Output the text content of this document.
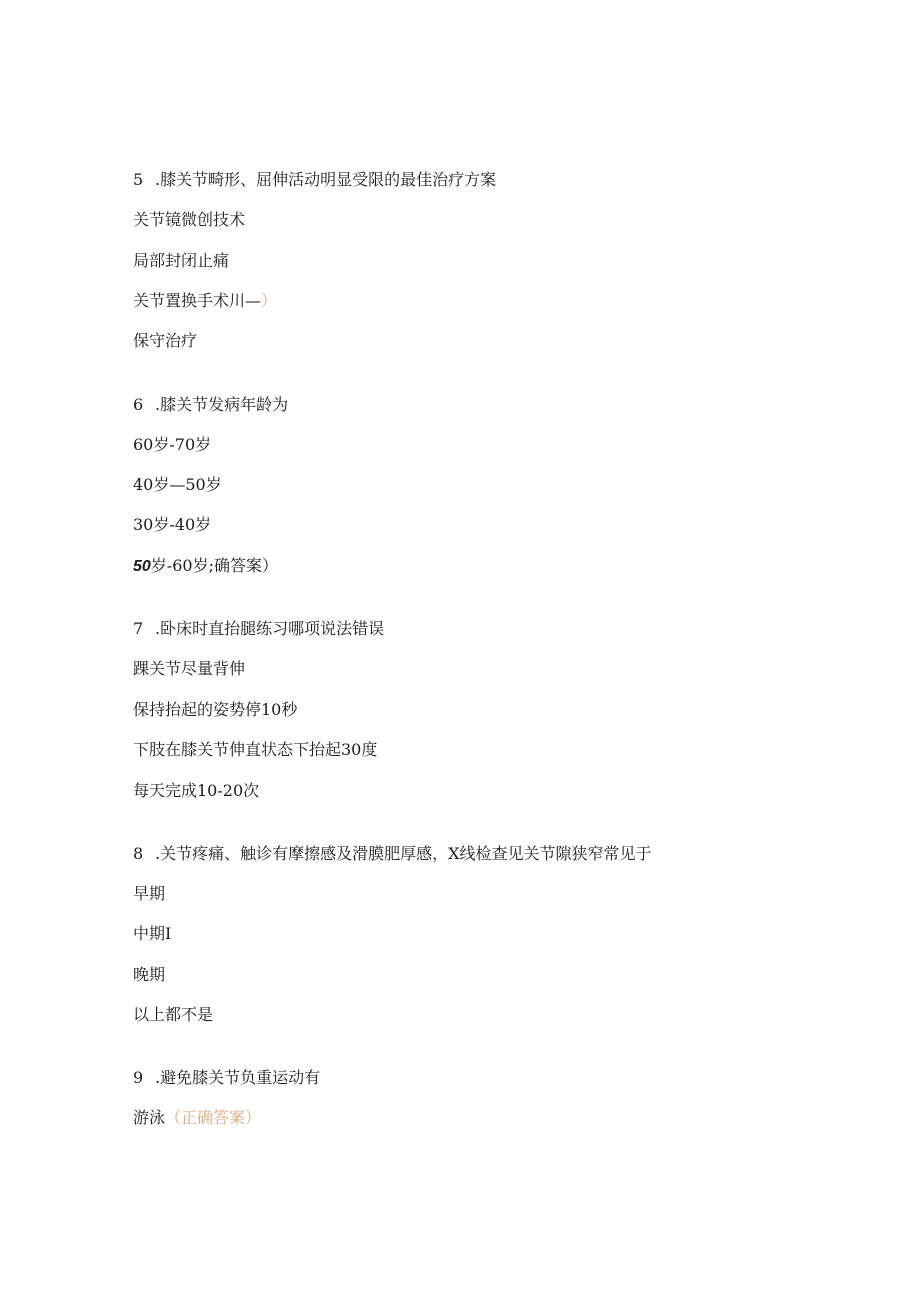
5 .膝关节畸形、屈伸活动明显受限的最佳治疗方案
关节镜微创技术
局部封闭止痛
关节置换手术川—）
保守治疗
6 .膝关节发病年龄为
60岁-70岁
40岁—50岁
30岁-40岁
50岁-60岁;确答案）
7 .卧床时直抬腿练习哪项说法错误
踝关节尽量背伸
保持抬起的姿势停10秒
下肢在膝关节伸直状态下抬起30度
每天完成10-20次
8 .关节疼痛、触诊有摩擦感及滑膜肥厚感，X线检查见关节隙狭窄常见于
早期
中期I
晚期
以上都不是
9 .避免膝关节负重运动有
游泳（正确答案）
